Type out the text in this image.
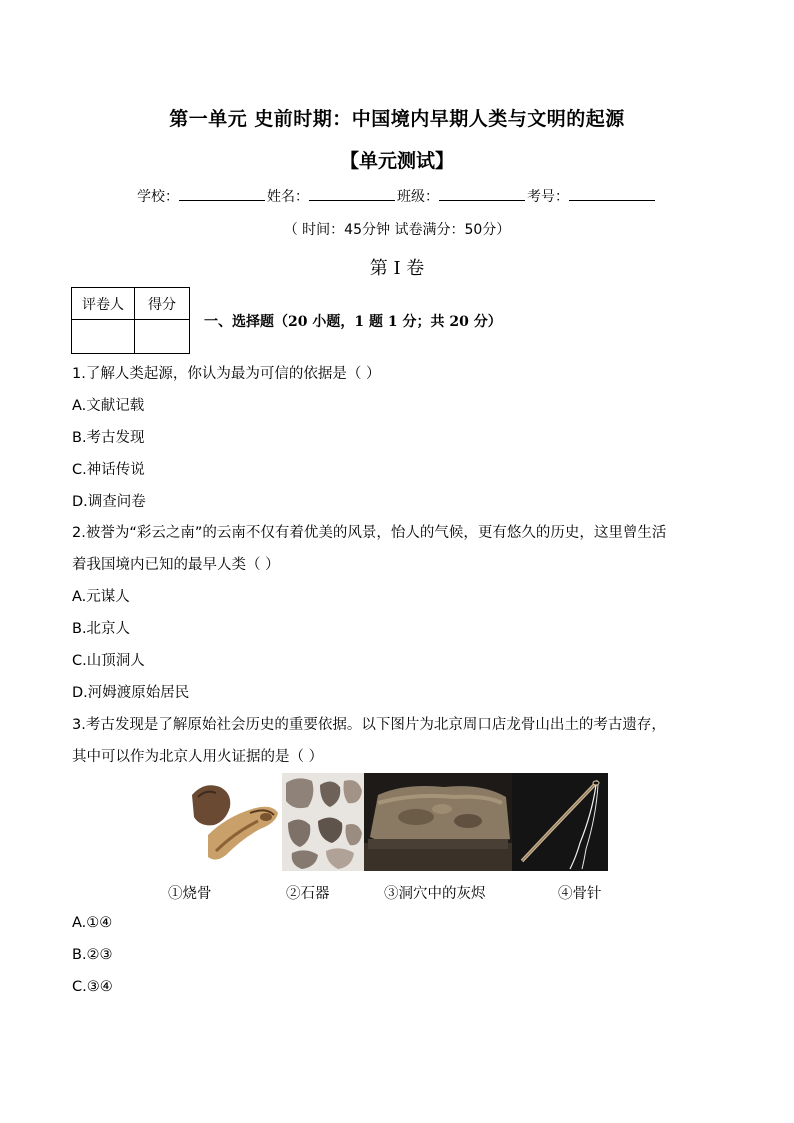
第一单元 史前时期：中国境内早期人类与文明的起源
【单元测试】
学校：	姓名：	班级：	考号：
（ 时间：45分钟 试卷满分：50分）
第 I 卷
评卷人	得分

一、选择题（20 小题，1 题 1 分；共 20 分）
1.了解人类起源，你认为最为可信的依据是（ ）
A.文献记载
B.考古发现
C.神话传说
D.调查问卷
2.被誉为“彩云之南”的云南不仅有着优美的风景，怡人的气候，更有悠久的历史，这里曾生活
着我国境内已知的最早人类（ ）
A.元谋人
B.北京人
C.山顶洞人
D.河姆渡原始居民
3.考古发现是了解原始社会历史的重要依据。以下图片为北京周口店龙骨山出土的考古遗存，
其中可以作为北京人用火证据的是（ ）
①烧骨	②石器	③洞穴中的灰烬	④骨针
A.①④
B.②③
C.③④
